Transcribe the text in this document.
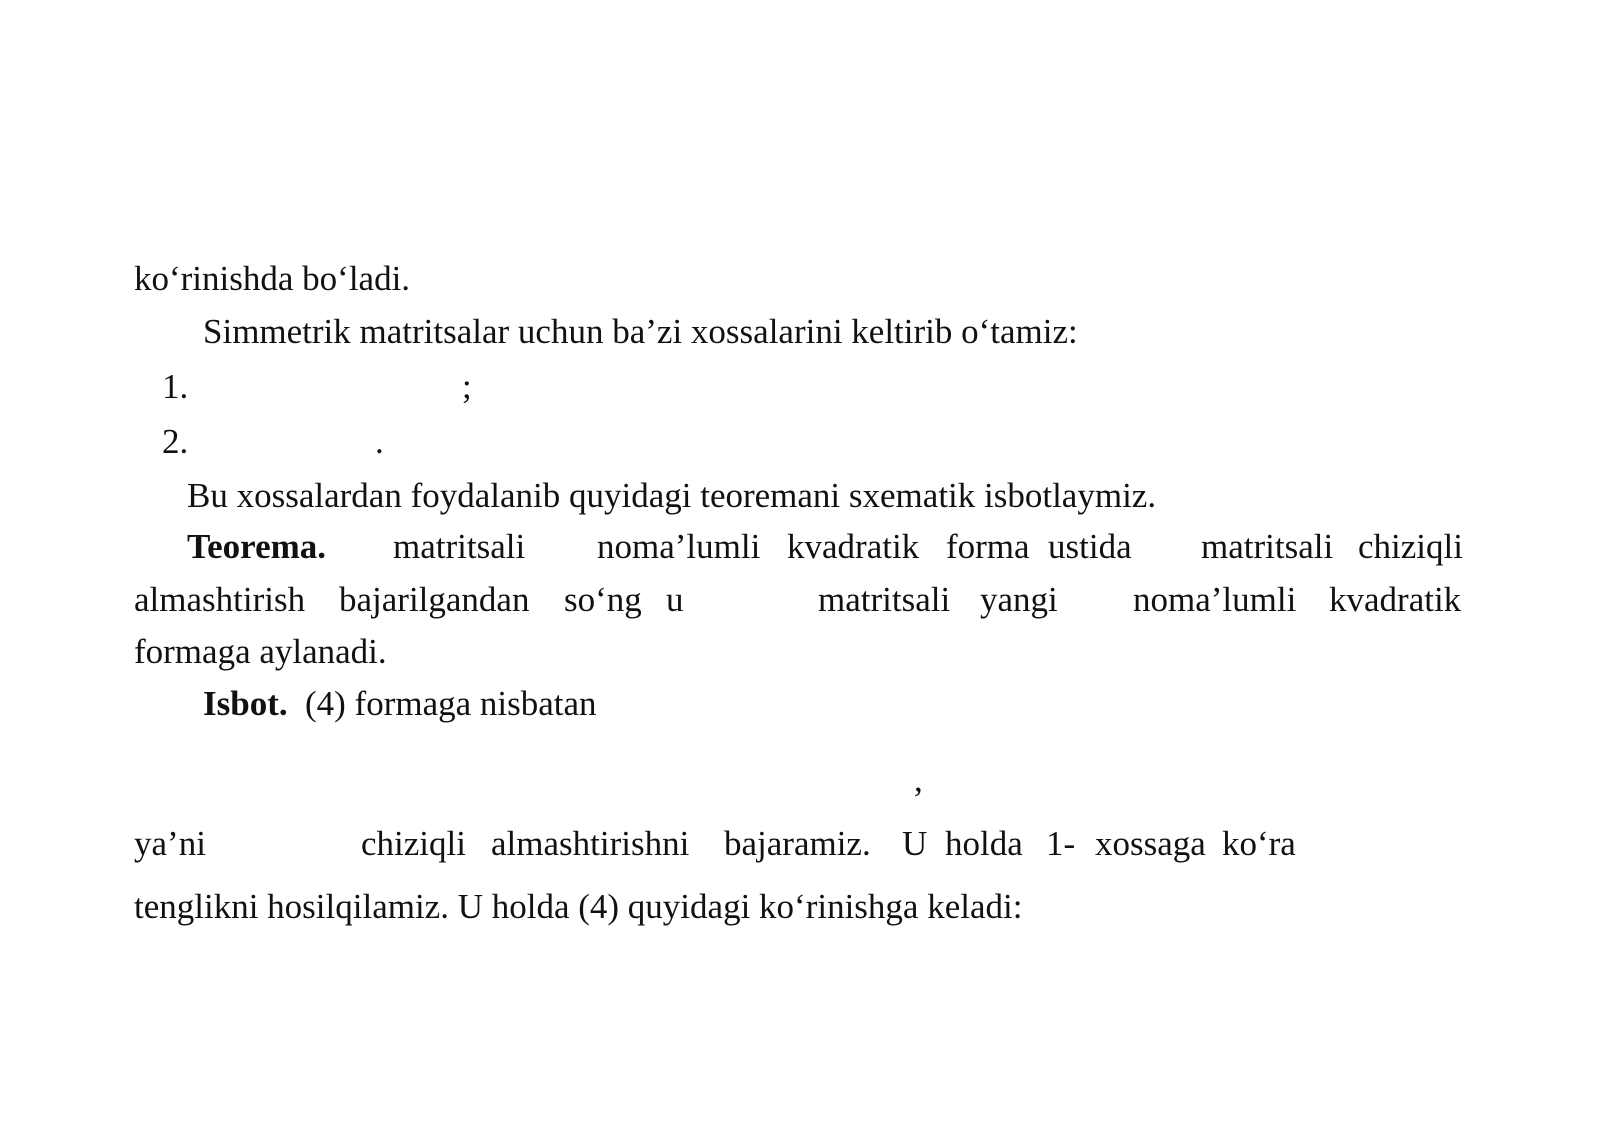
ko‘rinishda bo‘ladi.
Simmetrik matritsalar uchun ba’zi xossalarini keltirib o‘tamiz:
1.	;
2.	.
Bu xossalardan foydalanib quyidagi teoremani sxematik isbotlaymiz.
Teorema. matritsali noma’lumli kvadratik forma ustida matritsali chiziqli
almashtirish bajarilgandan so‘ng u	matritsali yangi noma’lumli kvadratik
formaga aylanadi.
Isbot. (4) formaga nisbatan
,
ya’ni	chiziqli almashtirishni bajaramiz. U holda 1- xossaga ko‘ra
tenglikni hosilqilamiz. U holda (4) quyidagi ko‘rinishga keladi:
